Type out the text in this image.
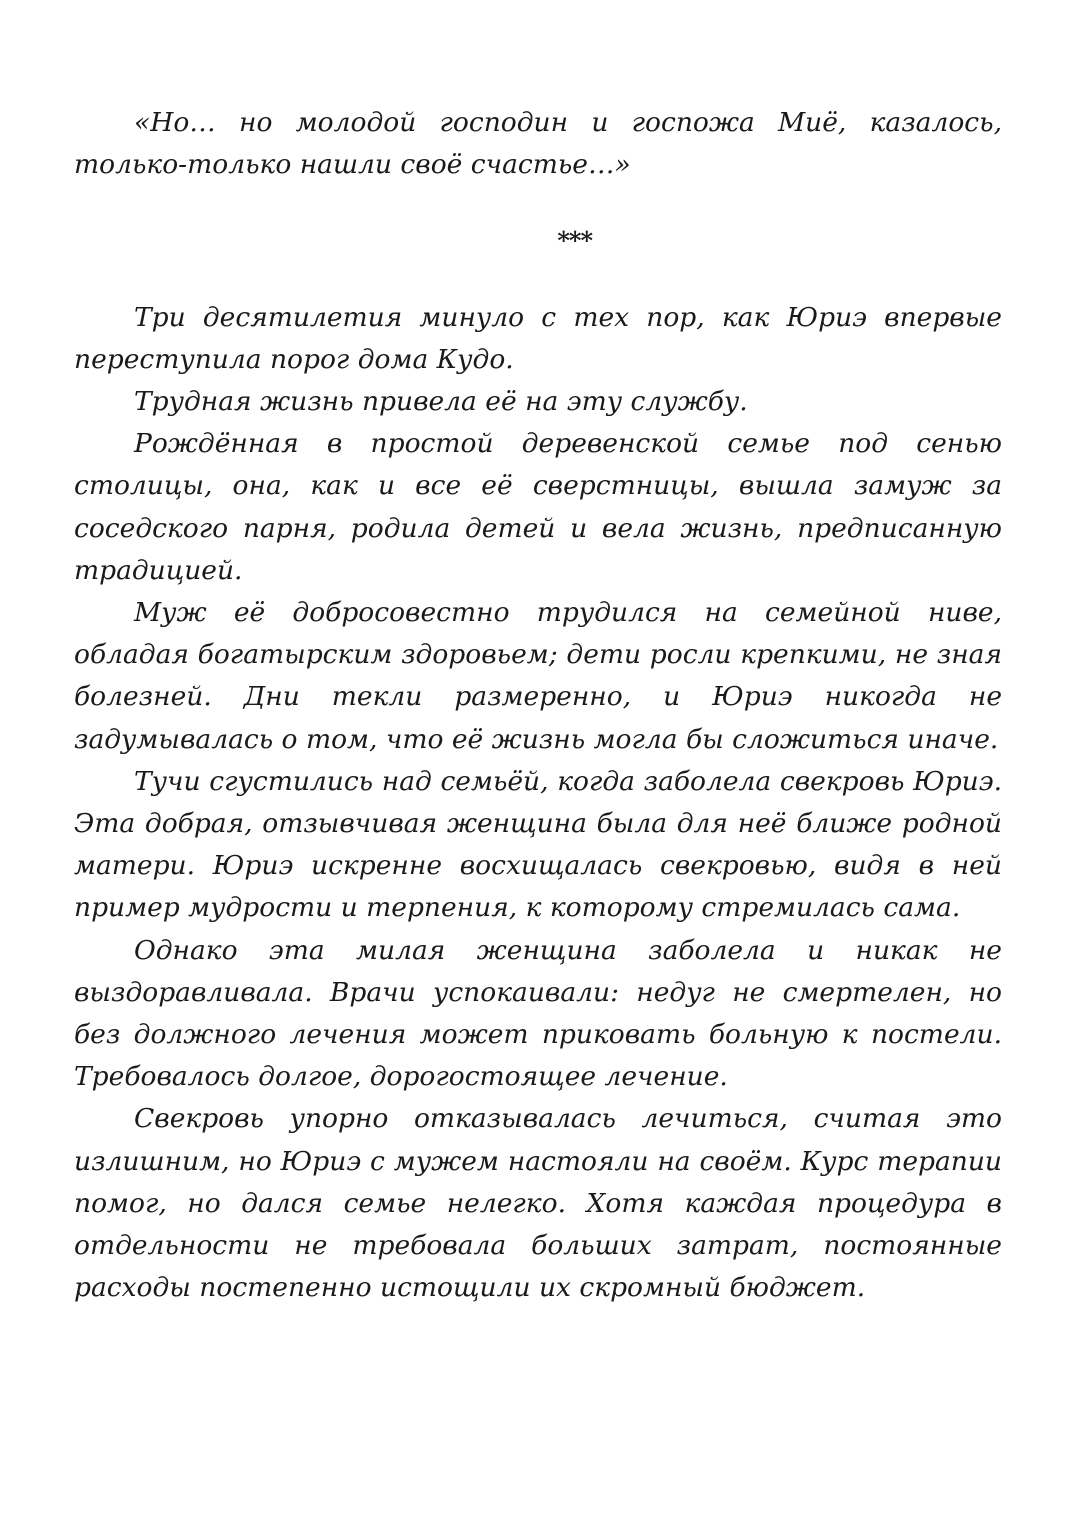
«Но… но молодой господин и госпожа Миё, казалось, только-только нашли своё счастье…»

***

Три десятилетия минуло с тех пор, как Юриэ впервые переступила порог дома Кудо.

Трудная жизнь привела её на эту службу.

Рождённая в простой деревенской семье под сенью столицы, она, как и все её сверстницы, вышла замуж за соседского парня, родила детей и вела жизнь, предписанную традицией.

Муж её добросовестно трудился на семейной ниве, обладая богатырским здоровьем; дети росли крепкими, не зная болезней. Дни текли размеренно, и Юриэ никогда не задумывалась о том, что её жизнь могла бы сложиться иначе.

Тучи сгустились над семьёй, когда заболела свекровь Юриэ. Эта добрая, отзывчивая женщина была для неё ближе родной матери. Юриэ искренне восхищалась свекровью, видя в ней пример мудрости и терпения, к которому стремилась сама.

Однако эта милая женщина заболела и никак не выздоравливала. Врачи успокаивали: недуг не смертелен, но без должного лечения может приковать больную к постели. Требовалось долгое, дорогостоящее лечение.

Свекровь упорно отказывалась лечиться, считая это излишним, но Юриэ с мужем настояли на своём. Курс терапии помог, но дался семье нелегко. Хотя каждая процедура в отдельности не требовала больших затрат, постоянные расходы постепенно истощили их скромный бюджет.
